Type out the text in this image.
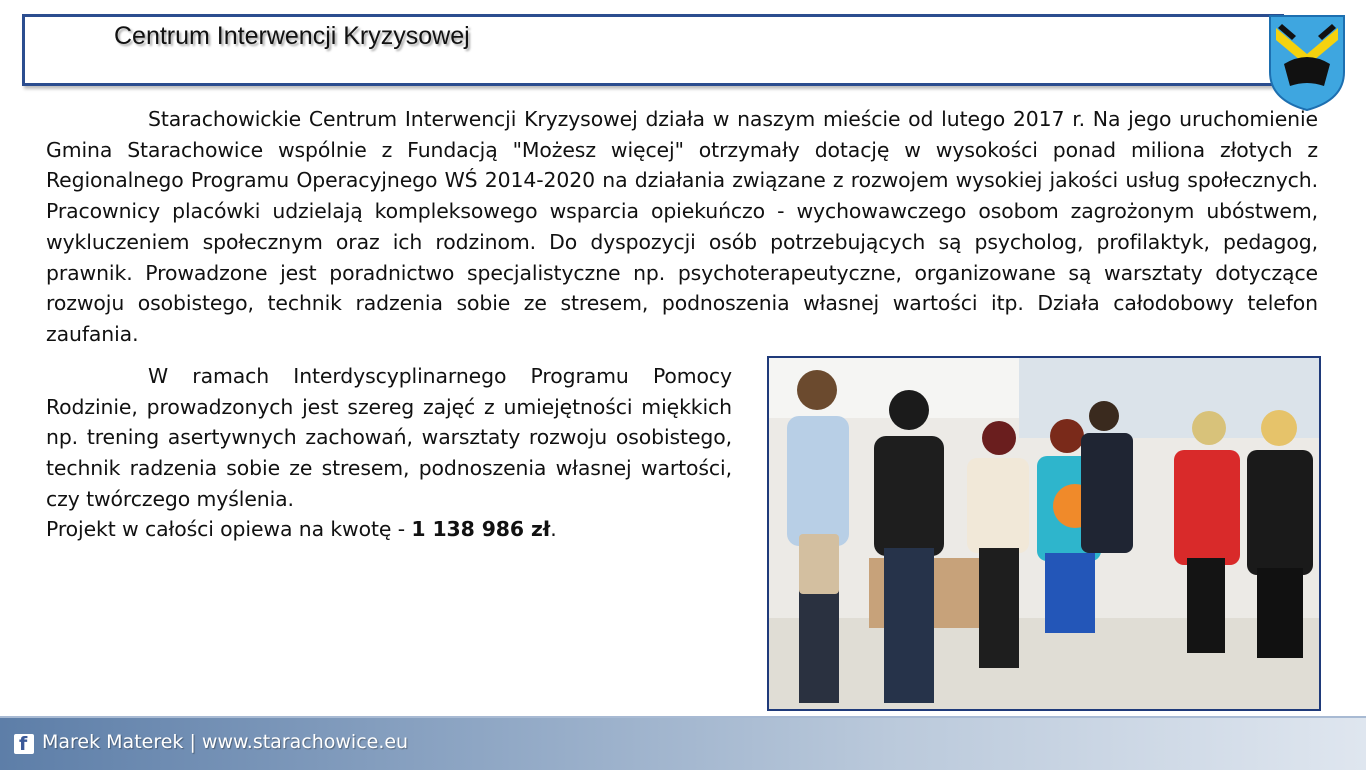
Centrum Interwencji Kryzysowej
Starachowickie Centrum Interwencji Kryzysowej działa w naszym mieście od lutego 2017 r. Na jego uruchomienie Gmina Starachowice wspólnie z Fundacją "Możesz więcej" otrzymały dotację w wysokości ponad miliona złotych z Regionalnego Programu Operacyjnego WŚ 2014-2020 na działania związane z rozwojem wysokiej jakości usług społecznych. Pracownicy placówki udzielają kompleksowego wsparcia opiekuńczo - wychowawczego osobom zagrożonym ubóstwem, wykluczeniem społecznym oraz ich rodzinom. Do dyspozycji osób potrzebujących są psycholog, profilaktyk, pedagog, prawnik. Prowadzone jest poradnictwo specjalistyczne np. psychoterapeutyczne, organizowane są warsztaty dotyczące rozwoju osobistego, technik radzenia sobie ze stresem, podnoszenia własnej wartości itp. Działa całodobowy telefon zaufania.
W ramach Interdyscyplinarnego Programu Pomocy Rodzinie, prowadzonych jest szereg zajęć z umiejętności miękkich np. trening asertywnych zachowań, warsztaty rozwoju osobistego, technik radzenia sobie ze stresem, podnoszenia własnej wartości, czy twórczego myślenia.
Projekt w całości opiewa na kwotę - 1 138 986 zł.
f Marek Materek | www.starachowice.eu
